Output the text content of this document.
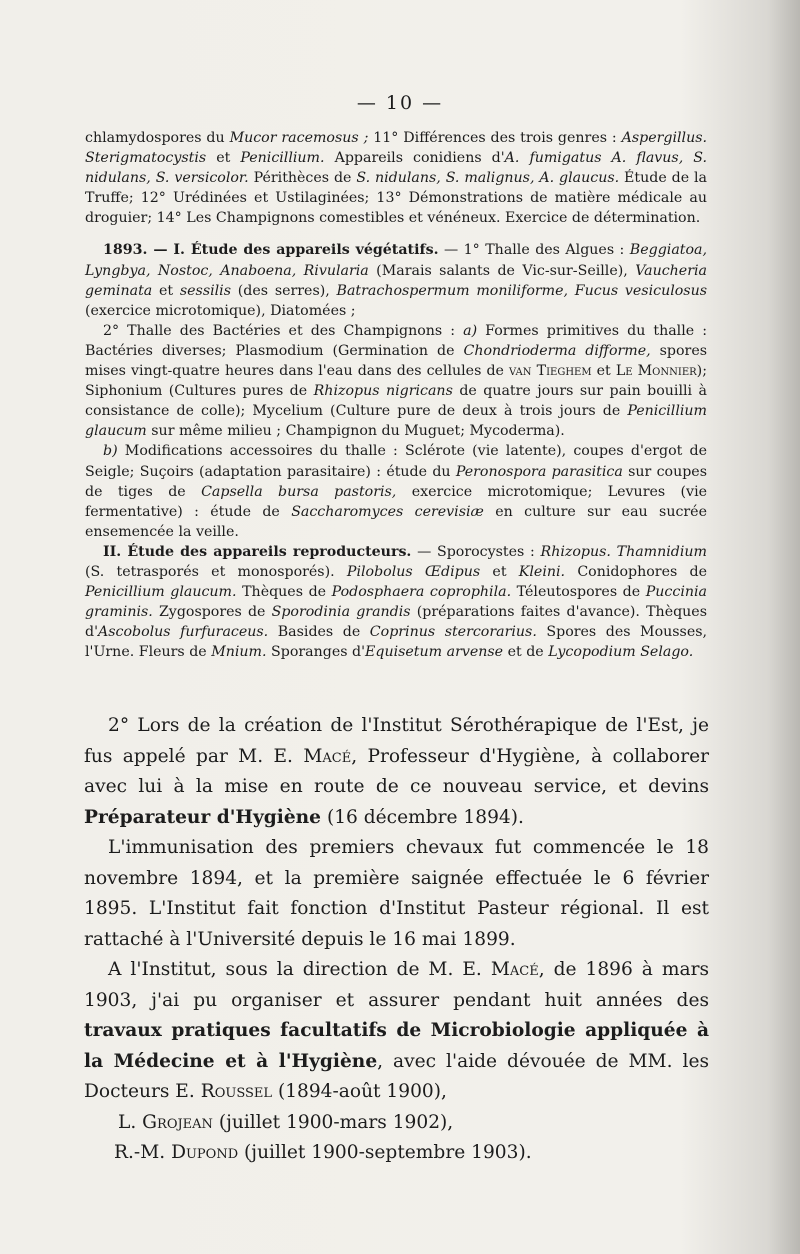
— 10 —

chlamydospores du Mucor racemosus ; 11° Différences des trois genres : Aspergillus. Sterigmatocystis et Penicillium. Appareils conidiens d'A. fumigatus A. flavus, S. nidulans, S. versicolor. Périthèces de S. nidulans, S. malignus, A. glaucus. Étude de la Truffe; 12° Urédinées et Ustilaginées; 13° Démonstrations de matière médicale au droguier; 14° Les Champignons comestibles et vénéneux. Exercice de détermination.

1893. — I. Étude des appareils végétatifs. — 1° Thalle des Algues : Beggiatoa, Lyngbya, Nostoc, Anaboena, Rivularia (Marais salants de Vic-sur-Seille), Vaucheria geminata et sessilis (des serres), Batrachospermum moniliforme, Fucus vesiculosus (exercice microtomique), Diatomées ;

2° Thalle des Bactéries et des Champignons : a) Formes primitives du thalle : Bactéries diverses; Plasmodium (Germination de Chondrioderma difforme, spores mises vingt-quatre heures dans l'eau dans des cellules de van Tieghem et Le Monnier); Siphonium (Cultures pures de Rhizopus nigricans de quatre jours sur pain bouilli à consistance de colle); Mycelium (Culture pure de deux à trois jours de Penicillium glaucum sur même milieu ; Champignon du Muguet; Mycoderma).

b) Modifications accessoires du thalle : Sclérote (vie latente), coupes d'ergot de Seigle; Suçoirs (adaptation parasitaire) : étude du Peronospora parasitica sur coupes de tiges de Capsella bursa pastoris, exercice microtomique; Levures (vie fermentative) : étude de Saccharomyces cerevisiæ en culture sur eau sucrée ensemencée la veille.

II. Étude des appareils reproducteurs. — Sporocystes : Rhizopus. Thamnidium (S. tetrasporés et monosporés). Pilobolus Œdipus et Kleini. Conidophores de Penicillium glaucum. Thèques de Podosphaera coprophila. Téleutospores de Puccinia graminis. Zygospores de Sporodinia grandis (préparations faites d'avance). Thèques d'Ascobolus furfuraceus. Basides de Coprinus stercorarius. Spores des Mousses, l'Urne. Fleurs de Mnium. Sporanges d'Equisetum arvense et de Lycopodium Selago.

2° Lors de la création de l'Institut Sérothérapique de l'Est, je fus appelé par M. E. Macé, Professeur d'Hygiène, à collaborer avec lui à la mise en route de ce nouveau service, et devins Préparateur d'Hygiène (16 décembre 1894).

L'immunisation des premiers chevaux fut commencée le 18 novembre 1894, et la première saignée effectuée le 6 février 1895. L'Institut fait fonction d'Institut Pasteur régional. Il est rattaché à l'Université depuis le 16 mai 1899.

A l'Institut, sous la direction de M. E. Macé, de 1896 à mars 1903, j'ai pu organiser et assurer pendant huit années des travaux pratiques facultatifs de Microbiologie appliquée à la Médecine et à l'Hygiène, avec l'aide dévouée de MM. les Docteurs E. Roussel (1894-août 1900),

L. Grojean (juillet 1900-mars 1902),

R.-M. Dupond (juillet 1900-septembre 1903).
